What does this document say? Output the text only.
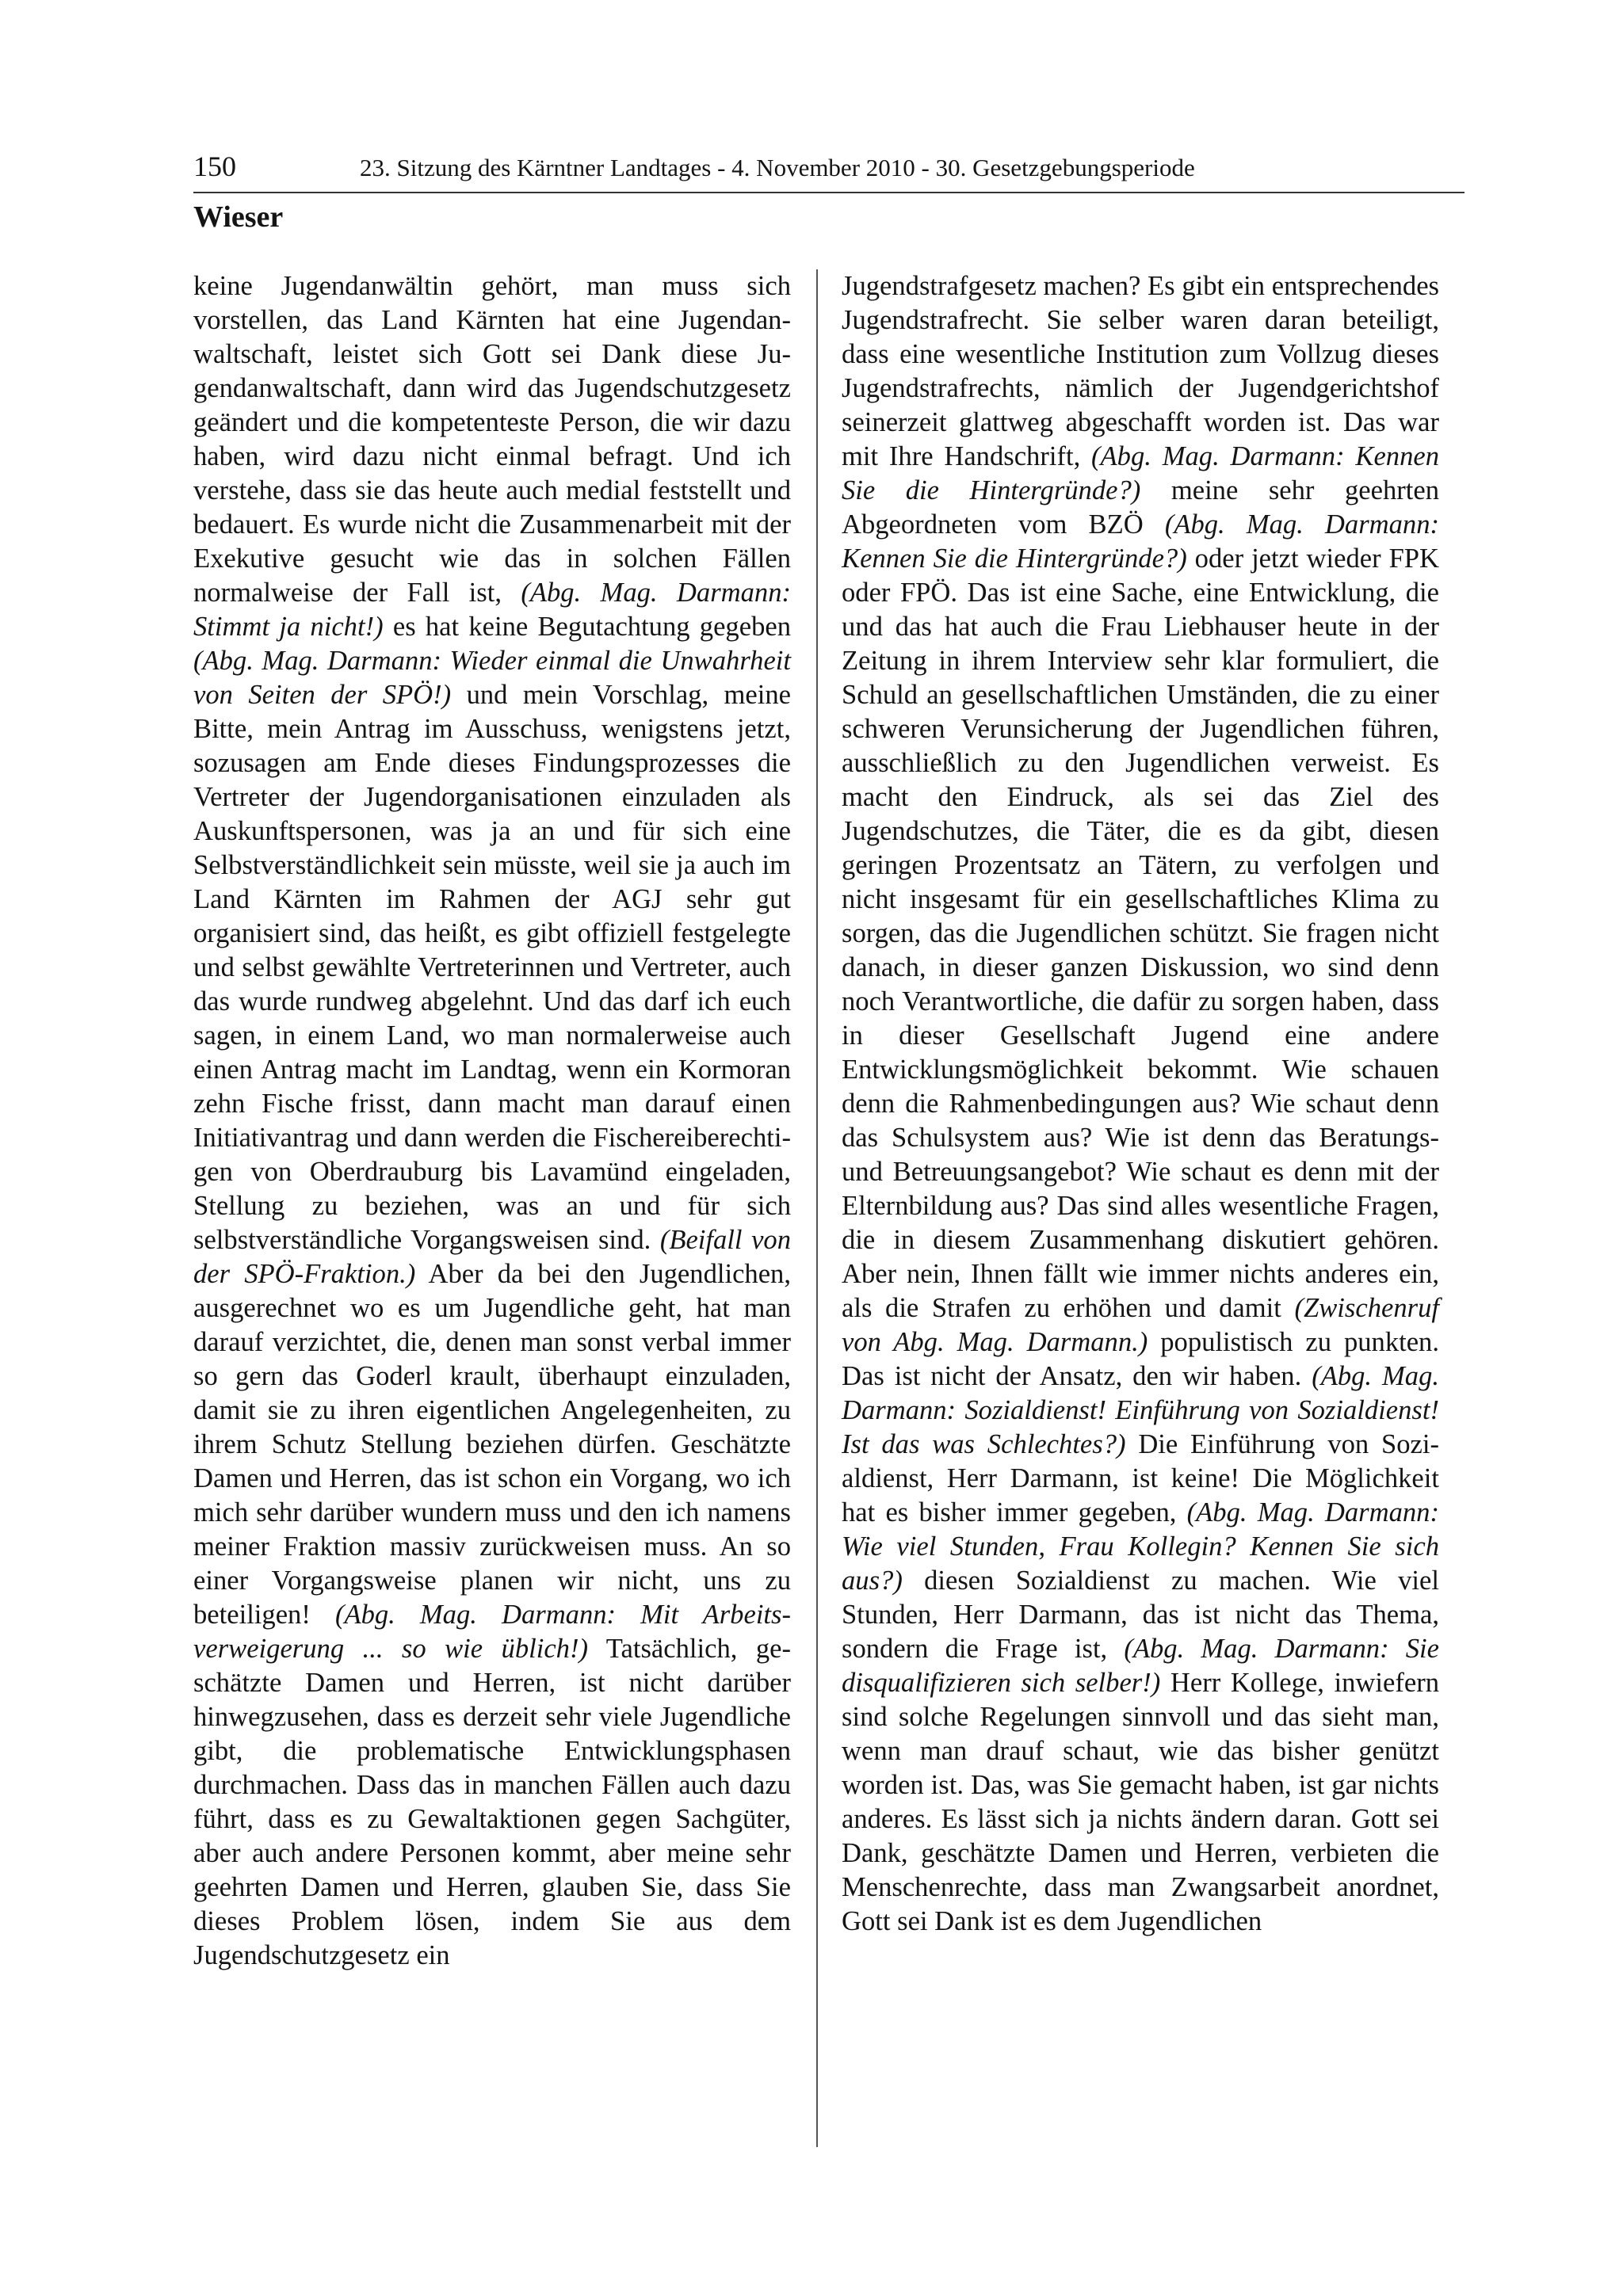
150	23. Sitzung des Kärntner Landtages - 4. November 2010 - 30. Gesetzgebungsperiode
Wieser
keine Jugendanwältin gehört, man muss sich vorstellen, das Land Kärnten hat eine Jugendanwaltschaft, leistet sich Gott sei Dank diese Jugendanwaltschaft, dann wird das Jugendschutzgesetz geändert und die kompetenteste Person, die wir dazu haben, wird dazu nicht einmal befragt. Und ich verstehe, dass sie das heute auch medial feststellt und bedauert. Es wurde nicht die Zusammenarbeit mit der Exekutive gesucht wie das in solchen Fällen normalweise der Fall ist, (Abg. Mag. Darmann: Stimmt ja nicht!) es hat keine Begutachtung gegeben (Abg. Mag. Darmann: Wieder einmal die Unwahrheit von Seiten der SPÖ!) und mein Vorschlag, meine Bitte, mein Antrag im Ausschuss, wenigstens jetzt, sozusagen am Ende dieses Findungsprozesses die Vertreter der Jugendorganisationen einzuladen als Auskunftspersonen, was ja an und für sich eine Selbstverständlichkeit sein müsste, weil sie ja auch im Land Kärnten im Rahmen der AGJ sehr gut organisiert sind, das heißt, es gibt offiziell festgelegte und selbst gewählte Vertreterinnen und Vertreter, auch das wurde rundweg abgelehnt. Und das darf ich euch sagen, in einem Land, wo man normalerweise auch einen Antrag macht im Landtag, wenn ein Kormoran zehn Fische frisst, dann macht man darauf einen Initiativantrag und dann werden die Fischereiberechtigen von Oberdrauburg bis Lavamünd eingeladen, Stellung zu beziehen, was an und für sich selbstverständliche Vorgangsweisen sind. (Beifall von der SPÖ-Fraktion.) Aber da bei den Jugendlichen, ausgerechnet wo es um Jugendliche geht, hat man darauf verzichtet, die, denen man sonst verbal immer so gern das Goderl krault, überhaupt einzuladen, damit sie zu ihren eigentlichen Angelegenheiten, zu ihrem Schutz Stellung beziehen dürfen. Geschätzte Damen und Herren, das ist schon ein Vorgang, wo ich mich sehr darüber wundern muss und den ich namens meiner Fraktion massiv zurückweisen muss. An so einer Vorgangsweise planen wir nicht, uns zu beteiligen! (Abg. Mag. Darmann: Mit Arbeitsverweigerung ... so wie üblich!) Tatsächlich, geschätzte Damen und Herren, ist nicht darüber hinwegzusehen, dass es derzeit sehr viele Jugendliche gibt, die problematische Entwicklungsphasen durchmachen. Dass das in manchen Fällen auch dazu führt, dass es zu Gewaltaktionen gegen Sachgüter, aber auch andere Personen kommt, aber meine sehr geehrten Damen und Herren, glauben Sie, dass Sie dieses Problem lösen, indem Sie aus dem Jugendschutzgesetz ein
Jugendstrafgesetz machen? Es gibt ein entsprechendes Jugendstrafrecht. Sie selber waren daran beteiligt, dass eine wesentliche Institution zum Vollzug dieses Jugendstrafrechts, nämlich der Jugendgerichtshof seinerzeit glattweg abgeschafft worden ist. Das war mit Ihre Handschrift, (Abg. Mag. Darmann: Kennen Sie die Hintergründe?) meine sehr geehrten Abgeordneten vom BZÖ (Abg. Mag. Darmann: Kennen Sie die Hintergründe?) oder jetzt wieder FPK oder FPÖ. Das ist eine Sache, eine Entwicklung, die und das hat auch die Frau Liebhauser heute in der Zeitung in ihrem Interview sehr klar formuliert, die Schuld an gesellschaftlichen Umständen, die zu einer schweren Verunsicherung der Jugendlichen führen, ausschließlich zu den Jugendlichen verweist. Es macht den Eindruck, als sei das Ziel des Jugendschutzes, die Täter, die es da gibt, diesen geringen Prozentsatz an Tätern, zu verfolgen und nicht insgesamt für ein gesellschaftliches Klima zu sorgen, das die Jugendlichen schützt. Sie fragen nicht danach, in dieser ganzen Diskussion, wo sind denn noch Verantwortliche, die dafür zu sorgen haben, dass in dieser Gesellschaft Jugend eine andere Entwicklungsmöglichkeit bekommt. Wie schauen denn die Rahmenbedingungen aus? Wie schaut denn das Schulsystem aus? Wie ist denn das Beratungs- und Betreuungsangebot? Wie schaut es denn mit der Elternbildung aus? Das sind alles wesentliche Fragen, die in diesem Zusammenhang diskutiert gehören. Aber nein, Ihnen fällt wie immer nichts anderes ein, als die Strafen zu erhöhen und damit (Zwischenruf von Abg. Mag. Darmann.) populistisch zu punkten. Das ist nicht der Ansatz, den wir haben. (Abg. Mag. Darmann: Sozialdienst! Einführung von Sozialdienst! Ist das was Schlechtes?) Die Einführung von Sozialdienst, Herr Darmann, ist keine! Die Möglichkeit hat es bisher immer gegeben, (Abg. Mag. Darmann: Wie viel Stunden, Frau Kollegin? Kennen Sie sich aus?) diesen Sozialdienst zu machen. Wie viel Stunden, Herr Darmann, das ist nicht das Thema, sondern die Frage ist, (Abg. Mag. Darmann: Sie disqualifizieren sich selber!) Herr Kollege, inwiefern sind solche Regelungen sinnvoll und das sieht man, wenn man drauf schaut, wie das bisher genützt worden ist. Das, was Sie gemacht haben, ist gar nichts anderes. Es lässt sich ja nichts ändern daran. Gott sei Dank, geschätzte Damen und Herren, verbieten die Menschenrechte, dass man Zwangsarbeit anordnet, Gott sei Dank ist es dem Jugendlichen
